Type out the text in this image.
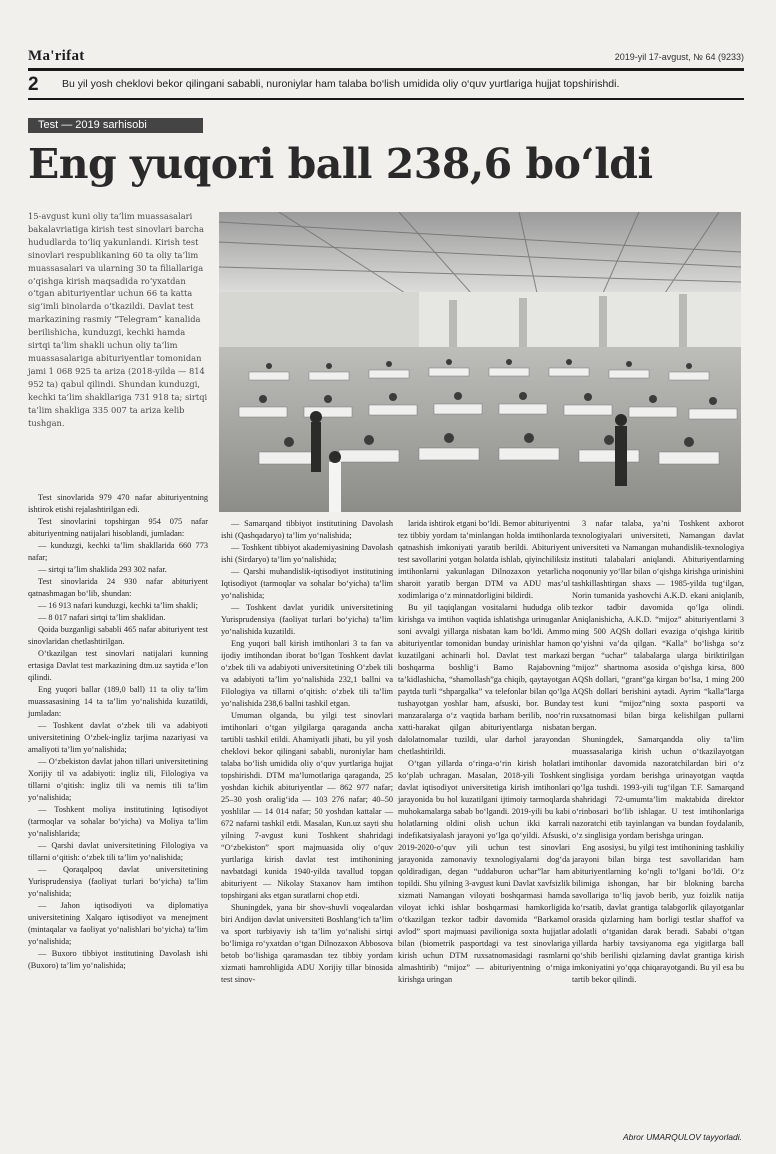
Ma'rifat	2019-yil 17-avgust, № 64 (9233)
2 Bu yil yosh cheklovi bekor qilingani sababli, nuroniylar ham talaba bo‘lish umidida oliy o‘quv yurtlariga hujjat topshirishdi.
Test — 2019 sarhisobi
Eng yuqori ball 238,6 bo‘ldi
15-avgust kuni oliy ta’lim muassasalari bakalavriatiga kirish test sinovlari barcha hududlarda to‘liq yakunlandi. Kirish test sinovlari respublikaning 60 ta oliy ta’lim muassasalari va ularning 30 ta filiallariga o‘qishga kirish maqsadida ro‘yxatdan o‘tgan abituriyentlar uchun 66 ta katta sig‘imli binolarda o‘tkazildi. Davlat test markazining rasmiy “Telegram” kanalida berilishicha, kunduzgi, kechki hamda sirtqi ta’lim shakli uchun oliy ta’lim muassasalariga abituriyentlar tomonidan jami 1 068 925 ta ariza (2018-yilda — 814 952 ta) qabul qilindi. Shundan kunduzgi, kechki ta’lim shakllariga 731 918 ta; sirtqi ta’lim shakliga 335 007 ta ariza kelib tushgan.

Test sinovlarida 979 470 nafar abituriyentning ishtirok etishi rejalashtirilgan edi.

Test sinovlarini topshirgan 954 075 nafar abituriyentning natijalari hisoblandi, jumladan:

— kunduzgi, kechki ta’lim shakllarida 660 773 nafar;

— sirtqi ta’lim shaklida 293 302 nafar.

Test sinovlarida 24 930 nafar abituriyent qatnashmagan bo‘lib, shundan:

— 16 913 nafari kunduzgi, kechki ta’lim shakli;

— 8 017 nafari sirtqi ta’lim shaklidan.

Qoida buzganligi sababli 465 nafar abituriyent test sinovlaridan chetlashtirilgan.

O‘tkazilgan test sinovlari natijalari kunning ertasiga Davlat test markazining dtm.uz saytida e’lon qilindi.

Eng yuqori ballar (189,0 ball) 11 ta oliy ta’lim muassasasining 14 ta ta’lim yo‘nalishida kuzatildi, jumladan:

— Toshkent davlat o‘zbek tili va adabiyoti universitetining O‘zbek-ingliz tarjima nazariyasi va amaliyoti ta’lim yo‘nalishida;

— O‘zbekiston davlat jahon tillari universitetining Xorijiy til va adabiyoti: ingliz tili, Filologiya va tillarni o‘qitish: ingliz tili va nemis tili ta’lim yo‘nalishida;

— Toshkent moliya institutining Iqtisodiyot (tarmoqlar va sohalar bo‘yicha) va Moliya ta’lim yo‘nalishlarida;

— Qarshi davlat universitetining Filologiya va tillarni o‘qitish: o‘zbek tili ta’lim yo‘nalishida;

— Qoraqalpoq davlat universitetining Yurisprudensiya (faoliyat turlari bo‘yicha) ta’lim yo‘nalishida;

— Jahon iqtisodiyoti va diplomatiya universitetining Xalqaro iqtisodiyot va menejment (mintaqalar va faoliyat yo‘nalishlari bo‘yicha) ta’lim yo‘nalishida;

— Buxoro tibbiyot institutining Davolash ishi (Buxoro) ta’lim yo‘nalishida;

— Samarqand tibbiyot institutining Davolash ishi (Qashqadaryo) ta’lim yo‘nalishida;

— Toshkent tibbiyot akademiyasining Davolash ishi (Sirdaryo) ta’lim yo‘nalishida;

— Qarshi muhandislik-iqtisodiyot institutining Iqtisodiyot (tarmoqlar va sohalar bo‘yicha) ta’lim yo‘nalishida;

— Toshkent davlat yuridik universitetining Yurisprudensiya (faoliyat turlari bo‘yicha) ta’lim yo‘nalishida kuzatildi.

Eng yuqori ball kirish imtihonlari 3 ta fan va ijodiy imtihondan iborat bo‘lgan Toshkent davlat o‘zbek tili va adabiyoti universitetining O‘zbek tili va adabiyoti ta’lim yo‘nalishida 232,1 ballni va Filologiya va tillarni o‘qitish: o‘zbek tili ta’lim yo‘nalishida 238,6 ballni tashkil etgan.

Umuman olganda, bu yilgi test sinovlari imtihonlari o‘tgan yilgilarga qaraganda ancha tartibli tashkil etildi. Ahamiyatli jihati, bu yil yosh cheklovi bekor qilingani sababli, nuroniylar ham talaba bo‘lish umidida oliy o‘quv yurtlariga hujjat topshirishdi. DTM ma’lumotlariga qaraganda, 25 yoshdan kichik abituriyentlar — 862 977 nafar; 25–30 yosh oralig‘ida — 103 276 nafar; 40–50 yoshlilar — 14 014 nafar; 50 yoshdan kattalar — 672 nafarni tashkil etdi. Masalan, Kun.uz sayti shu yilning 7-avgust kuni Toshkent shahridagi “O‘zbekiston” sport majmuasida oliy o‘quv yurtlariga kirish davlat test imtihonining navbatdagi kunida 1940-yilda tavallud topgan abituriyent — Nikolay Staxanov ham imtihon topshirgani aks etgan suratlarni chop etdi.

Shuningdek, yana bir shov-shuvli voqealardan biri Andijon davlat universiteti Boshlang‘ich ta’lim va sport turbiyaviy ish ta’lim yo‘nalishi sirtqi bo‘limiga ro‘yxatdan o‘tgan Dilnozaxon Abbosova betob bo‘lishiga qaramasdan tez tibbiy yordam xizmati hamrohligida ADU Xorijiy tillar binosida test sinov-

larida ishtirok etgani bo‘ldi. Bemor abituriyentni tez tibbiy yordam ta’minlangan holda imtihonlarda qatnashish imkoniyati yaratib berildi. Abituriyent test savollarini yotgan holatda ishlab, qiyinchiliksiz imtihonlarni yakunlagan Dilnozaxon yetarlicha sharoit yaratib bergan DTM va ADU mas’ul xodimlariga o‘z minnatdorligini bildirdi.

Bu yil taqiqlangan vositalarni hududga olib kirishga va imtihon vaqtida ishlatishga urinuganlar soni avvalgi yillarga nisbatan kam bo‘ldi. Ammo abituriyentlar tomonidan bunday urinishlar hamon kuzatilgani achinarli hol. Davlat test markazi boshqarma boshlig‘i Bamo Rajabovning ta’kidlashicha, “shamollash”ga chiqib, qaytayotgan paytda turli “shpargalka” va telefonlar bilan qo‘lga tushayotgan yoshlar ham, afsuski, bor. Bunday manzaralarga o‘z vaqtida barham berilib, noo‘rin xatti-harakat qilgan abituriyentlarga nisbatan dalolatnomalar tuzildi, ular darhol jarayondan chetlashtirildi.

O‘tgan yillarda o‘ringa-o‘rin kirish holatlari ko‘plab uchragan. Masalan, 2018-yili Toshkent davlat iqtisodiyot universitetiga kirish imtihonlari jarayonida bu hol kuzatilgani ijtimoiy tarmoqlarda muhokamalarga sabab bo‘lgandi. 2019-yili bu kabi holatlarning oldini olish uchun ikki karrali indefikatsiyalash jarayoni yo‘lga qo‘yildi. Afsuski, 2019-2020-o‘quv yili uchun test sinovlari jarayonida zamonaviy texnologiyalarni dog‘da qoldiradigan, degan “uddaburon uchar”lar ham topildi. Shu yilning 3-avgust kuni Davlat xavfsizlik xizmati Namangan viloyati boshqarmasi hamda viloyat ichki ishlar boshqarmasi hamkorligida o‘tkazilgan tezkor tadbir davomida “Barkamol avlod” sport majmuasi pavilioniga soxta hujjatlar bilan (biometrik pasportdagi va test sinovlariga kirish uchun DTM ruxsatnomasidagi rasmlarni almashtirib) “mijoz” — abituriyentning o‘rniga kirishga uringan

3 nafar talaba, ya’ni Toshkent axborot texnologiyalari universiteti, Namangan davlat universiteti va Namangan muhandislik-texnologiya instituti talabalari aniqlandi. Abituriyentlarning noqonuniy yo‘llar bilan o‘qishga kirishga urinishini tashkillashtirgan shaxs — 1985-yilda tug‘ilgan, Norin tumanida yashovchi A.K.D. ekani aniqlanib, tezkor tadbir davomida qo‘lga olindi. Aniqlanishicha, A.K.D. “mijoz” abituriyentlarni 3 ming 500 AQSh dollari evaziga o‘qishga kiritib qo‘yishni va’da qilgan. “Kalla” bo‘lishga so‘z bergan “uchar” talabalarga ularga biriktirilgan “mijoz” shartnoma asosida o‘qishga kirsa, 800 AQSh dollari, “grant”ga kirgan bo‘lsa, 1 ming 200 AQSh dollari berishini aytadi. Ayrim “kalla”larga test kuni “mijoz”ning soxta pasporti va ruxsatnomasi bilan birga kelishilgan pullarni bergan.

Shuningdek, Samarqandda oliy ta’lim muassasalariga kirish uchun o‘tkazilayotgan imtihonlar davomida nazoratchilardan biri o‘z singlisiga yordam berishga urinayotgan vaqtda qo‘lga tushdi. 1993-yili tug‘ilgan T.F. Samarqand shahridagi 72-umumta’lim maktabida direktor o‘rinbosari bo‘lib ishlagar. U test imtihonlariga nazoratchi etib tayinlangan va bundan foydalanib, o‘z singlisiga yordam berishga uringan.

Eng asosiysi, bu yilgi test imtihonining tashkiliy jarayoni bilan birga test savollaridan ham abituriyentlarning ko‘ngli to‘lgani bo‘ldi. O‘z bilimiga ishongan, har bir blokning barcha savollariga to‘liq javob berib, yuz foizlik natija ko‘rsatib, davlat grantiga talabgorlik qilayotganlar orasida qizlarning ham borligi testlar shaffof va adolatli o‘tganidan darak beradi. Sababi o‘tgan yillarda harbiy tavsiyanoma ega yigitlarga ball qo‘shib berilishi qizlarning davlat grantiga kirish imkoniyatini yo‘qqa chiqarayotgandi. Bu yil esa bu tartib bekor qilindi.

Abror UMARQULOV tayyorladi.
